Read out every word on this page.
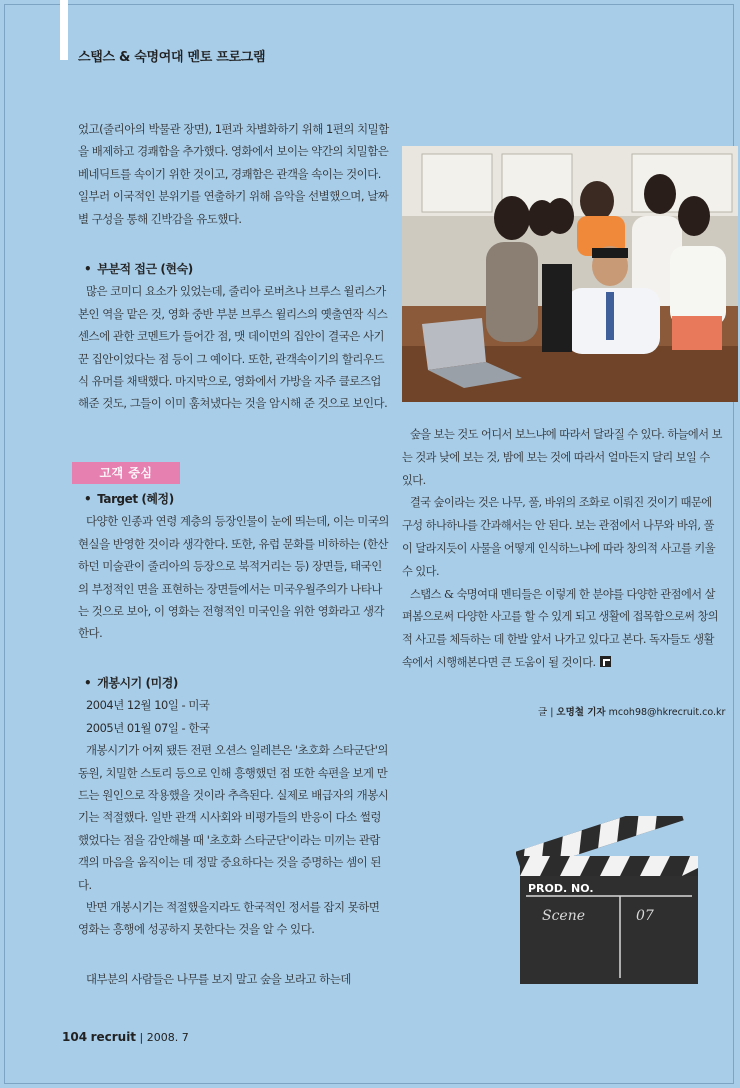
스탭스 & 숙명여대 멘토 프로그램

었고(줄리아의 박물관 장면), 1편과 차별화하기 위해 1편의 치밀함을 배제하고 경쾌함을 추가했다. 영화에서 보이는 약간의 치밀함은 베네딕트를 속이기 위한 것이고, 경쾌함은 관객을 속이는 것이다. 일부러 이국적인 분위기를 연출하기 위해 음악을 선별했으며, 날짜별 구성을 통해 긴박감을 유도했다.

• 부분적 접근 (현숙)

많은 코미디 요소가 있었는데, 줄리아 로버츠나 브루스 윌리스가 본인 역을 맡은 것, 영화 중반 부분 브루스 윌리스의 옛출연작 식스센스에 관한 코멘트가 들어간 점, 맷 데이먼의 집안이 결국은 사기꾼 집안이었다는 점 등이 그 예이다. 또한, 관객속이기의 할리우드식 유머를 채택했다. 마지막으로, 영화에서 가방을 자주 클로즈업 해준 것도, 그들이 이미 훔쳐냈다는 것을 암시해 준 것으로 보인다.

고객 중심

• Target (혜정)

다양한 인종과 연령 계층의 등장인물이 눈에 띄는데, 이는 미국의 현실을 반영한 것이라 생각한다. 또한, 유럽 문화를 비하하는 (한산하던 미술관이 줄리아의 등장으로 북적거리는 등) 장면들, 태국인의 부정적인 면을 표현하는 장면들에서는 미국우월주의가 나타나는 것으로 보아, 이 영화는 전형적인 미국인을 위한 영화라고 생각한다.

• 개봉시기 (미경)

2004년 12월 10일 - 미국

2005년 01월 07일 - 한국

개봉시기가 어찌 됐든 전편 오션스 일레븐은 '초호화 스타군단'의 동원, 치밀한 스토리 등으로 인해 흥행했던 점 또한 속편을 보게 만드는 원인으로 작용했을 것이라 추측된다. 실제로 배급자의 개봉시기는 적절했다. 일반 관객 시사회와 비평가들의 반응이 다소 썰렁했었다는 점을 감안해볼 때 '초호화 스타군단'이라는 미끼는 관람객의 마음을 움직이는 데 정말 중요하다는 것을 증명하는 셈이 된다.

반면 개봉시기는 적절했을지라도 한국적인 정서를 잡지 못하면 영화는 흥행에 성공하지 못한다는 것을 알 수 있다.

대부분의 사람들은 나무를 보지 말고 숲을 보라고 하는데

숲을 보는 것도 어디서 보느냐에 따라서 달라질 수 있다. 하늘에서 보는 것과 낮에 보는 것, 밤에 보는 것에 따라서 얼마든지 달리 보일 수 있다.

결국 숲이라는 것은 나무, 풀, 바위의 조화로 이뤄진 것이기 때문에 구성 하나하나를 간과해서는 안 된다. 보는 관점에서 나무와 바위, 풀이 달라지듯이 사물을 어떻게 인식하느냐에 따라 창의적 사고를 키울 수 있다.

스탭스 & 숙명여대 멘티들은 이렇게 한 분야를 다양한 관점에서 살펴봄으로써 다양한 사고를 할 수 있게 되고 생활에 접목함으로써 창의적 사고를 체득하는 데 한발 앞서 나가고 있다고 본다. 독자들도 생활 속에서 시행해본다면 큰 도움이 될 것이다.

글 | 오명철 기자 mcoh98@hkrecruit.co.kr
PROD. NO.
Scene	07
104 recruit | 2008. 7
